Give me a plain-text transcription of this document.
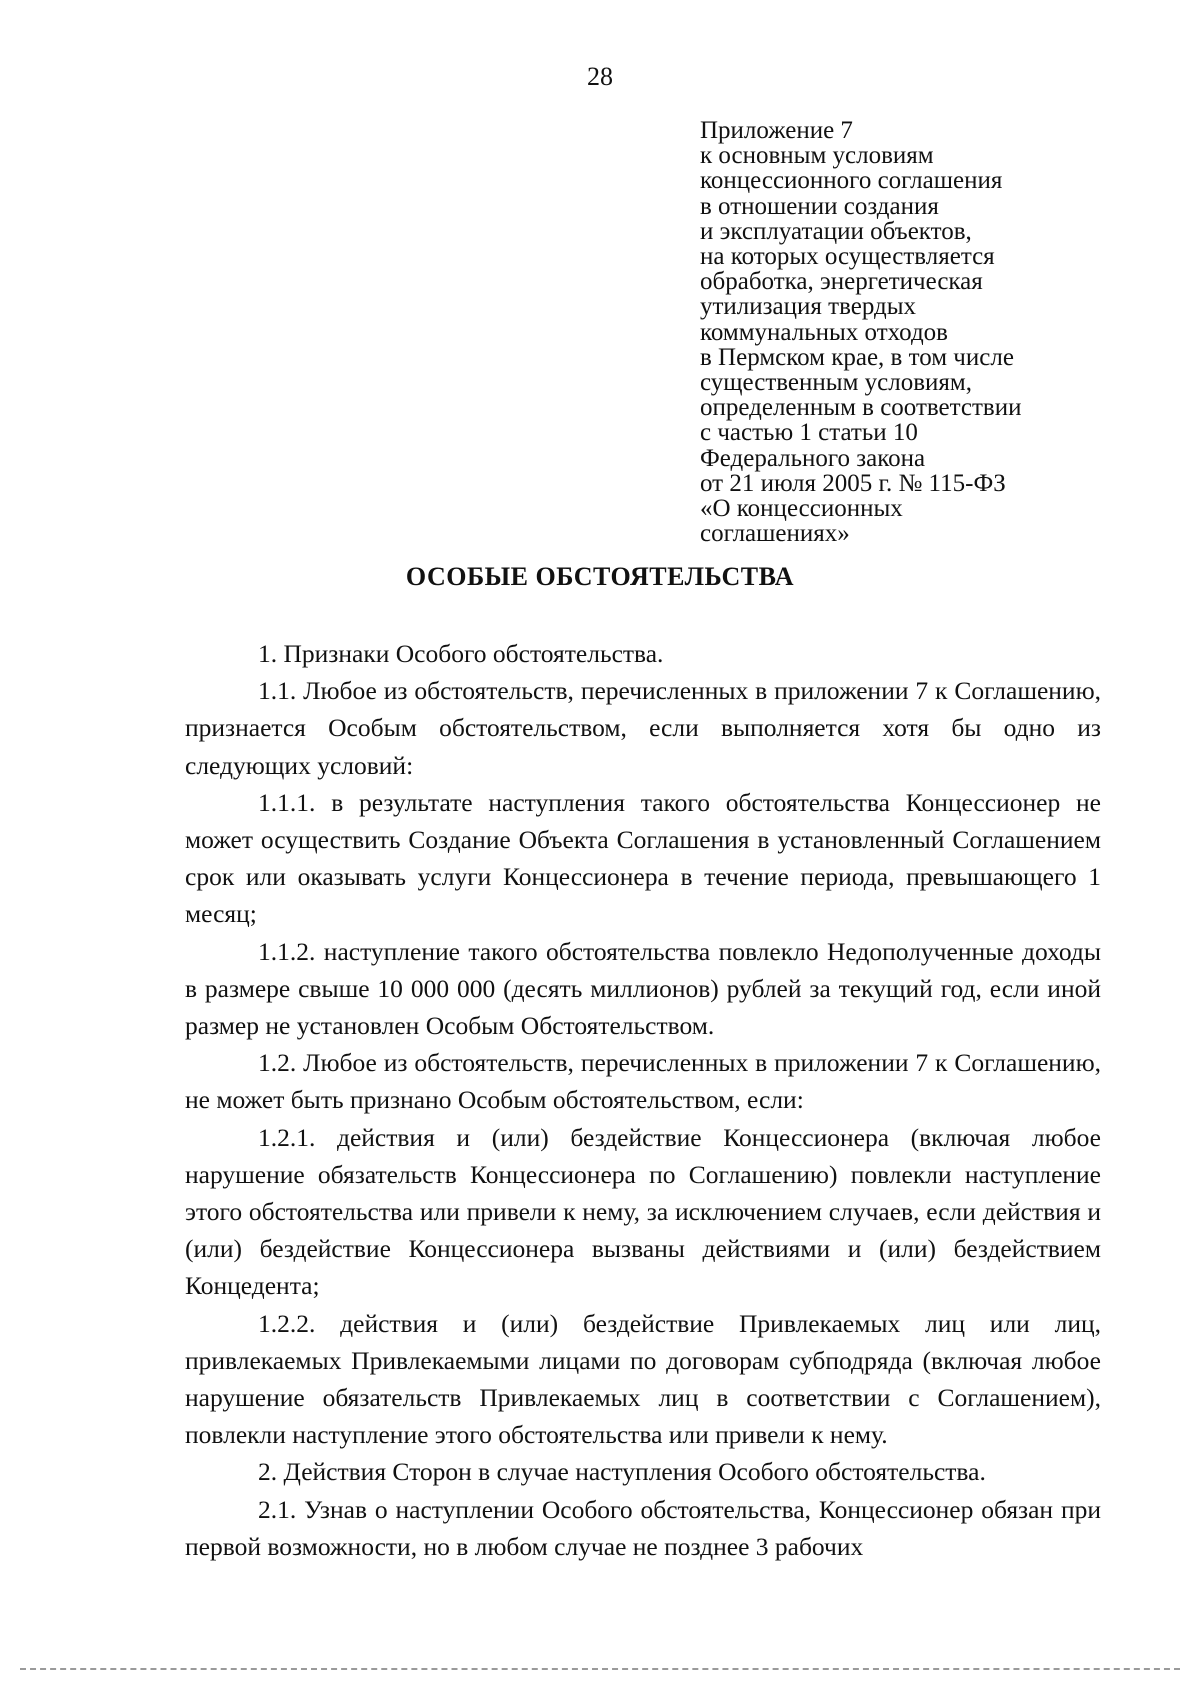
28
Приложение 7
к основным условиям
концессионного соглашения
в отношении создания
и эксплуатации объектов,
на которых осуществляется
обработка, энергетическая
утилизация твердых
коммунальных отходов
в Пермском крае, в том числе
существенным условиям,
определенным в соответствии
с частью 1 статьи 10
Федерального закона
от 21 июля 2005 г. № 115-ФЗ
«О концессионных
соглашениях»
ОСОБЫЕ ОБСТОЯТЕЛЬСТВА

1. Признаки Особого обстоятельства.

1.1. Любое из обстоятельств, перечисленных в приложении 7 к Соглашению, признается Особым обстоятельством, если выполняется хотя бы одно из следующих условий:

1.1.1. в результате наступления такого обстоятельства Концессионер не может осуществить Создание Объекта Соглашения в установленный Соглашением срок или оказывать услуги Концессионера в течение периода, превышающего 1 месяц;

1.1.2. наступление такого обстоятельства повлекло Недополученные доходы в размере свыше 10 000 000 (десять миллионов) рублей за текущий год, если иной размер не установлен Особым Обстоятельством.

1.2. Любое из обстоятельств, перечисленных в приложении 7 к Соглашению, не может быть признано Особым обстоятельством, если:

1.2.1. действия и (или) бездействие Концессионера (включая любое нарушение обязательств Концессионера по Соглашению) повлекли наступление этого обстоятельства или привели к нему, за исключением случаев, если действия и (или) бездействие Концессионера вызваны действиями и (или) бездействием Концедента;

1.2.2. действия и (или) бездействие Привлекаемых лиц или лиц, привлекаемых Привлекаемыми лицами по договорам субподряда (включая любое нарушение обязательств Привлекаемых лиц в соответствии с Соглашением), повлекли наступление этого обстоятельства или привели к нему.

2. Действия Сторон в случае наступления Особого обстоятельства.

2.1. Узнав о наступлении Особого обстоятельства, Концессионер обязан при первой возможности, но в любом случае не позднее 3 рабочих
